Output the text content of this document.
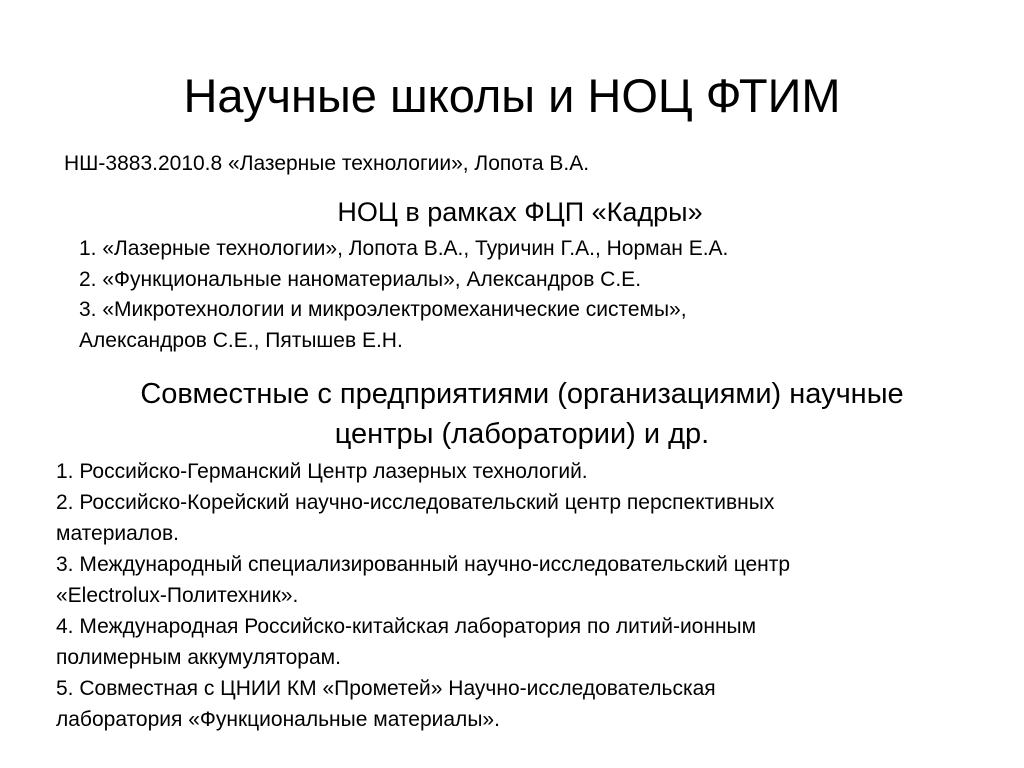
Научные школы и НОЦ ФТИМ
НШ-3883.2010.8 «Лазерные технологии», Лопота В.А.
НОЦ в рамках ФЦП «Кадры»
1. «Лазерные технологии», Лопота В.А., Туричин Г.А., Норман Е.А.
2. «Функциональные наноматериалы», Александров С.Е.
3. «Микротехнологии и микроэлектромеханические системы»,
Александров С.Е., Пятышев Е.Н.
Совместные с предприятиями (организациями) научные
центры (лаборатории) и др.
1. Российско-Германский Центр лазерных технологий.
2. Российско-Корейский научно-исследовательский центр перспективных
материалов.
3. Международный специализированный научно-исследовательский центр
«Electrolux-Политехник».
4. Международная Российско-китайская лаборатория по литий-ионным
полимерным аккумуляторам.
5. Совместная с ЦНИИ КМ «Прометей» Научно-исследовательская
лаборатория «Функциональные материалы».
